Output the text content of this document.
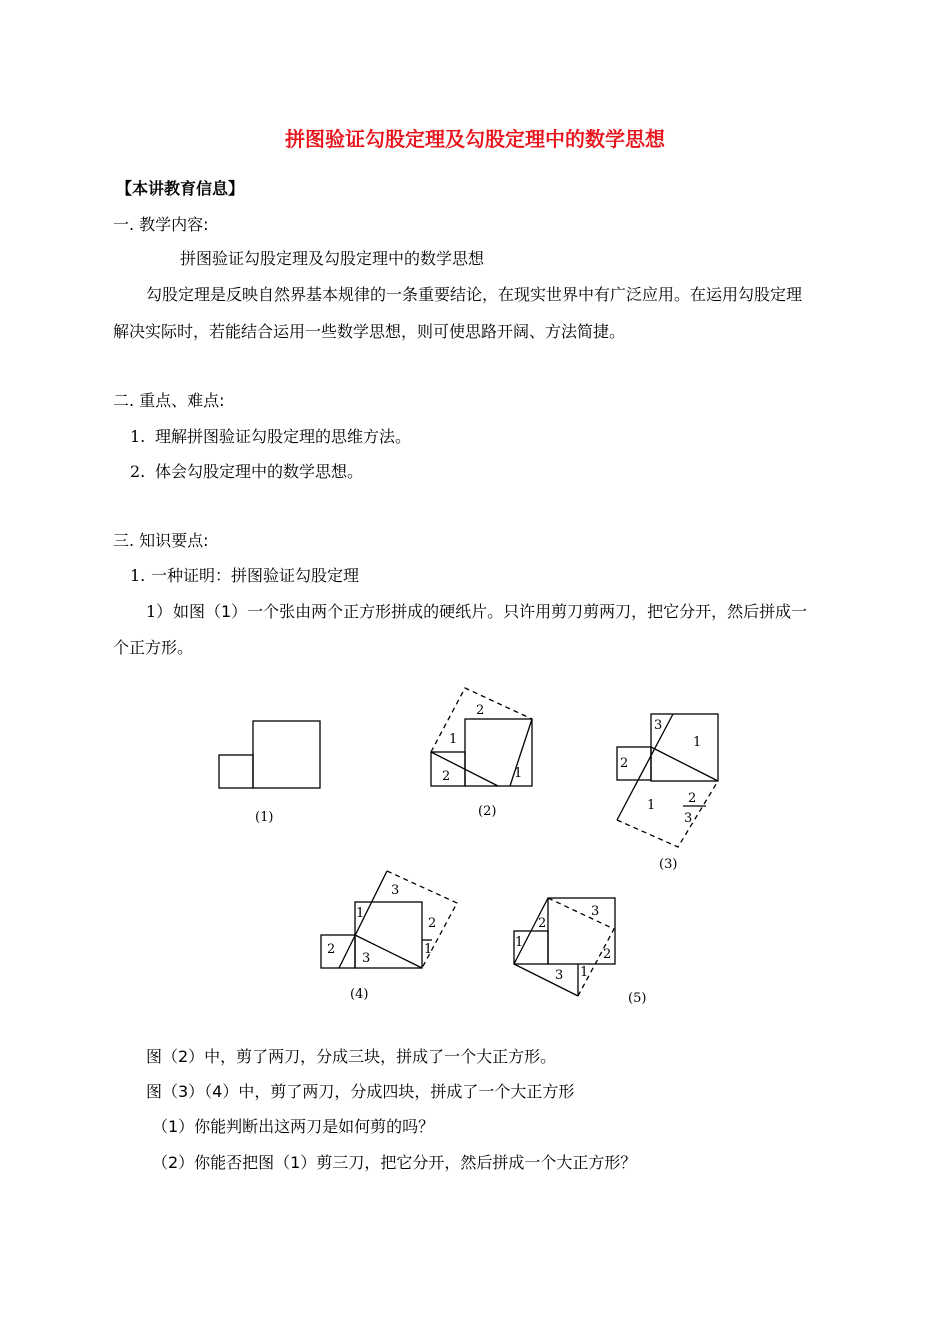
拼图验证勾股定理及勾股定理中的数学思想
【本讲教育信息】
一. 教学内容:
拼图验证勾股定理及勾股定理中的数学思想
勾股定理是反映自然界基本规律的一条重要结论，在现实世界中有广泛应用。在运用勾股定理
解决实际时，若能结合运用一些数学思想，则可使思路开阔、方法简捷。
二. 重点、难点:
1. 理解拼图验证勾股定理的思维方法。
2. 体会勾股定理中的数学思想。
三. 知识要点:
1. 一种证明：拼图验证勾股定理
1） 如图（1）一个张由两个正方形拼成的硬纸片。只许用剪刀剪两刀，把它分开，然后拼成一
个正方形。
(1)	(2)
(3)
(4)	(5)
2
1
2	1
3
1
2
1	2
3
3
1
2
2
3
1
3
2
1
2
3 1
图（2）中，剪了两刀，分成三块，拼成了一个大正方形。
图（3）（4）中，剪了两刀，分成四块，拼成了一个大正方形
（1）你能判断出这两刀是如何剪的吗？
（2）你能否把图（1）剪三刀，把它分开，然后拼成一个大正方形？
